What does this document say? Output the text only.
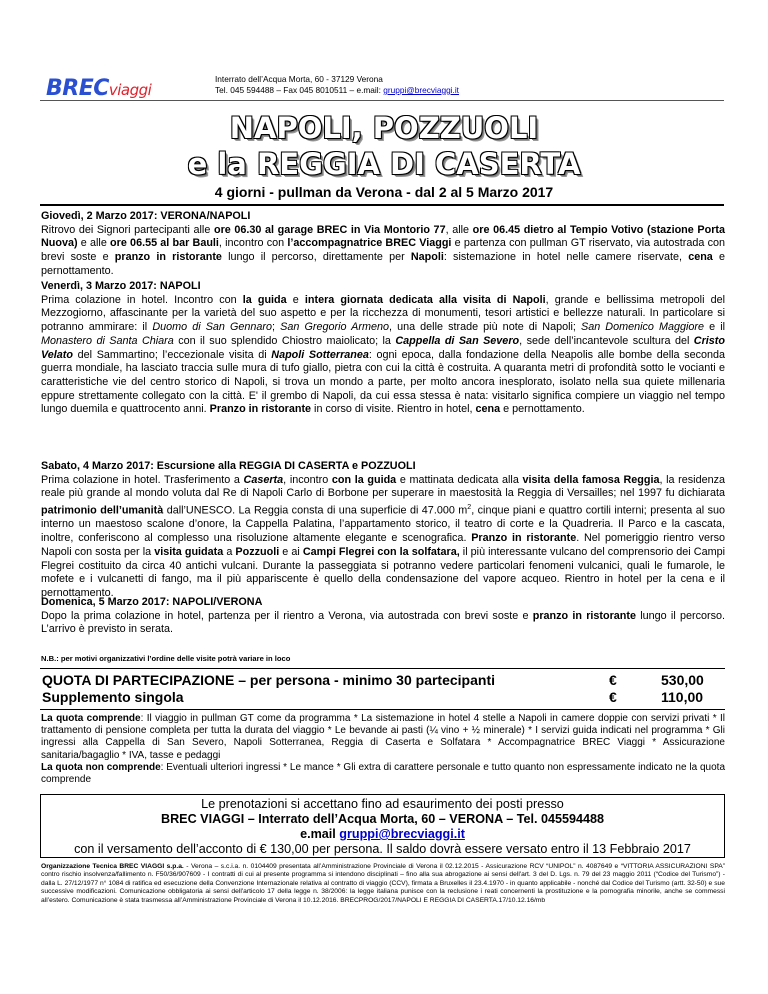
BRECviaggi
Interrato dell’Acqua Morta, 60 - 37129 Verona
Tel. 045 594488 – Fax 045 8010511 – e.mail: gruppi@brecviaggi.it
NAPOLI, POZZUOLI
e la REGGIA DI CASERTA
4 giorni - pullman da Verona - dal 2 al 5 Marzo 2017
Giovedì, 2 Marzo 2017: VERONA/NAPOLI
Ritrovo dei Signori partecipanti alle ore 06.30 al garage BREC in Via Montorio 77, alle ore 06.45 dietro al Tempio Votivo (stazione Porta Nuova) e alle ore 06.55 al bar Bauli, incontro con l’accompagnatrice BREC Viaggi e partenza con pullman GT riservato, via autostrada con brevi soste e pranzo in ristorante lungo il percorso, direttamente per Napoli: sistemazione in hotel nelle camere riservate, cena e pernottamento.
Venerdì, 3 Marzo 2017: NAPOLI
Prima colazione in hotel. Incontro con la guida e intera giornata dedicata alla visita di Napoli, grande e bellissima metropoli del Mezzogiorno, affascinante per la varietà del suo aspetto e per la ricchezza di monumenti, tesori artistici e bellezze naturali. In particolare si potranno ammirare: il Duomo di San Gennaro; San Gregorio Armeno, una delle strade più note di Napoli; San Domenico Maggiore e il Monastero di Santa Chiara con il suo splendido Chiostro maiolicato; la Cappella di San Severo, sede dell’incantevole scultura del Cristo Velato del Sammartino; l’eccezionale visita di Napoli Sotterranea: ogni epoca, dalla fondazione della Neapolis alle bombe della seconda guerra mondiale, ha lasciato traccia sulle mura di tufo giallo, pietra con cui la città è costruita. A quaranta metri di profondità sotto le vocianti e caratteristiche vie del centro storico di Napoli, si trova un mondo a parte, per molto ancora inesplorato, isolato nella sua quiete millenaria eppure strettamente collegato con la città. E' il grembo di Napoli, da cui essa stessa è nata: visitarlo significa compiere un viaggio nel tempo lungo duemila e quattrocento anni. Pranzo in ristorante in corso di visite. Rientro in hotel, cena e pernottamento.
Sabato, 4 Marzo 2017: Escursione alla REGGIA DI CASERTA e POZZUOLI
Prima colazione in hotel. Trasferimento a Caserta, incontro con la guida e mattinata dedicata alla visita della famosa Reggia, la residenza reale più grande al mondo voluta dal Re di Napoli Carlo di Borbone per superare in maestosità la Reggia di Versailles; nel 1997 fu dichiarata patrimonio dell’umanità dall’UNESCO. La Reggia consta di una superficie di 47.000 $m^2$, cinque piani e quattro cortili interni; presenta al suo interno un maestoso scalone d’onore, la Cappella Palatina, l’appartamento storico, il teatro di corte e la Quadreria. Il Parco e la cascata, inoltre, conferiscono al complesso una risoluzione altamente elegante e scenografica. Pranzo in ristorante. Nel pomeriggio rientro verso Napoli con sosta per la visita guidata a Pozzuoli e ai Campi Flegrei con la solfatara, il più interessante vulcano del comprensorio dei Campi Flegrei costituito da circa 40 antichi vulcani. Durante la passeggiata si potranno vedere particolari fenomeni vulcanici, quali le fumarole, le mofete e i vulcanetti di fango, ma il più appariscente è quello della condensazione del vapore acqueo. Rientro in hotel per la cena e il pernottamento.
Domenica, 5 Marzo 2017: NAPOLI/VERONA
Dopo la prima colazione in hotel, partenza per il rientro a Verona, via autostrada con brevi soste e pranzo in ristorante lungo il percorso. L’arrivo è previsto in serata.
N.B.: per motivi organizzativi l’ordine delle visite potrà variare in loco
QUOTA DI PARTECIPAZIONE – per persona - minimo 30 partecipanti	€	530,00
Supplemento singola	€	110,00
La quota comprende: Il viaggio in pullman GT come da programma * La sistemazione in hotel 4 stelle a Napoli in camere doppie con servizi privati * Il trattamento di pensione completa per tutta la durata del viaggio * Le bevande ai pasti (¼ vino + ½ minerale) * I servizi guida indicati nel programma * Gli ingressi alla Cappella di San Severo, Napoli Sotterranea, Reggia di Caserta e Solfatara * Accompagnatrice BREC Viaggi * Assicurazione sanitaria/bagaglio * IVA, tasse e pedaggi
La quota non comprende: Eventuali ulteriori ingressi * Le mance * Gli extra di carattere personale e tutto quanto non espressamente indicato ne la quota comprende
Le prenotazioni si accettano fino ad esaurimento dei posti presso
BREC VIAGGI – Interrato dell’Acqua Morta, 60 – VERONA – Tel. 045594488
e.mail gruppi@brecviaggi.it
con il versamento dell’acconto di € 130,00 per persona. Il saldo dovrà essere versato entro il 13 Febbraio 2017
Organizzazione Tecnica BREC VIAGGI s.p.a. - Verona – s.c.i.a. n. 0104409 presentata all’Amministrazione Provinciale di Verona il 02.12.2015 - Assicurazione RCV “UNIPOL” n. 4087649 e “VITTORIA ASSICURAZIONI SPA” contro rischio insolvenza/fallimento n. F50/36/907609 - I contratti di cui al presente programma si intendono disciplinati – fino alla sua abrogazione ai sensi dell'art. 3 del D. Lgs. n. 79 del 23 maggio 2011 (“Codice del Turismo”) - dalla L. 27/12/1977 n° 1084 di ratifica ed esecuzione della Convenzione Internazionale relativa al contratto di viaggio (CCV), firmata a Bruxelles il 23.4.1970 - in quanto applicabile - nonché dal Codice del Turismo (artt. 32-50) e sue successive modificazioni. Comunicazione obbligatoria ai sensi dell'articolo 17 della legge n. 38/2006: la legge italiana punisce con la reclusione i reati concernenti la prostituzione e la pornografia minorile, anche se commessi all’estero. Comunicazione è stata trasmessa all’Amministrazione Provinciale di Verona il 10.12.2016. BRECPROG/2017/NAPOLI E REGGIA DI CASERTA.17/10.12.16/mb
